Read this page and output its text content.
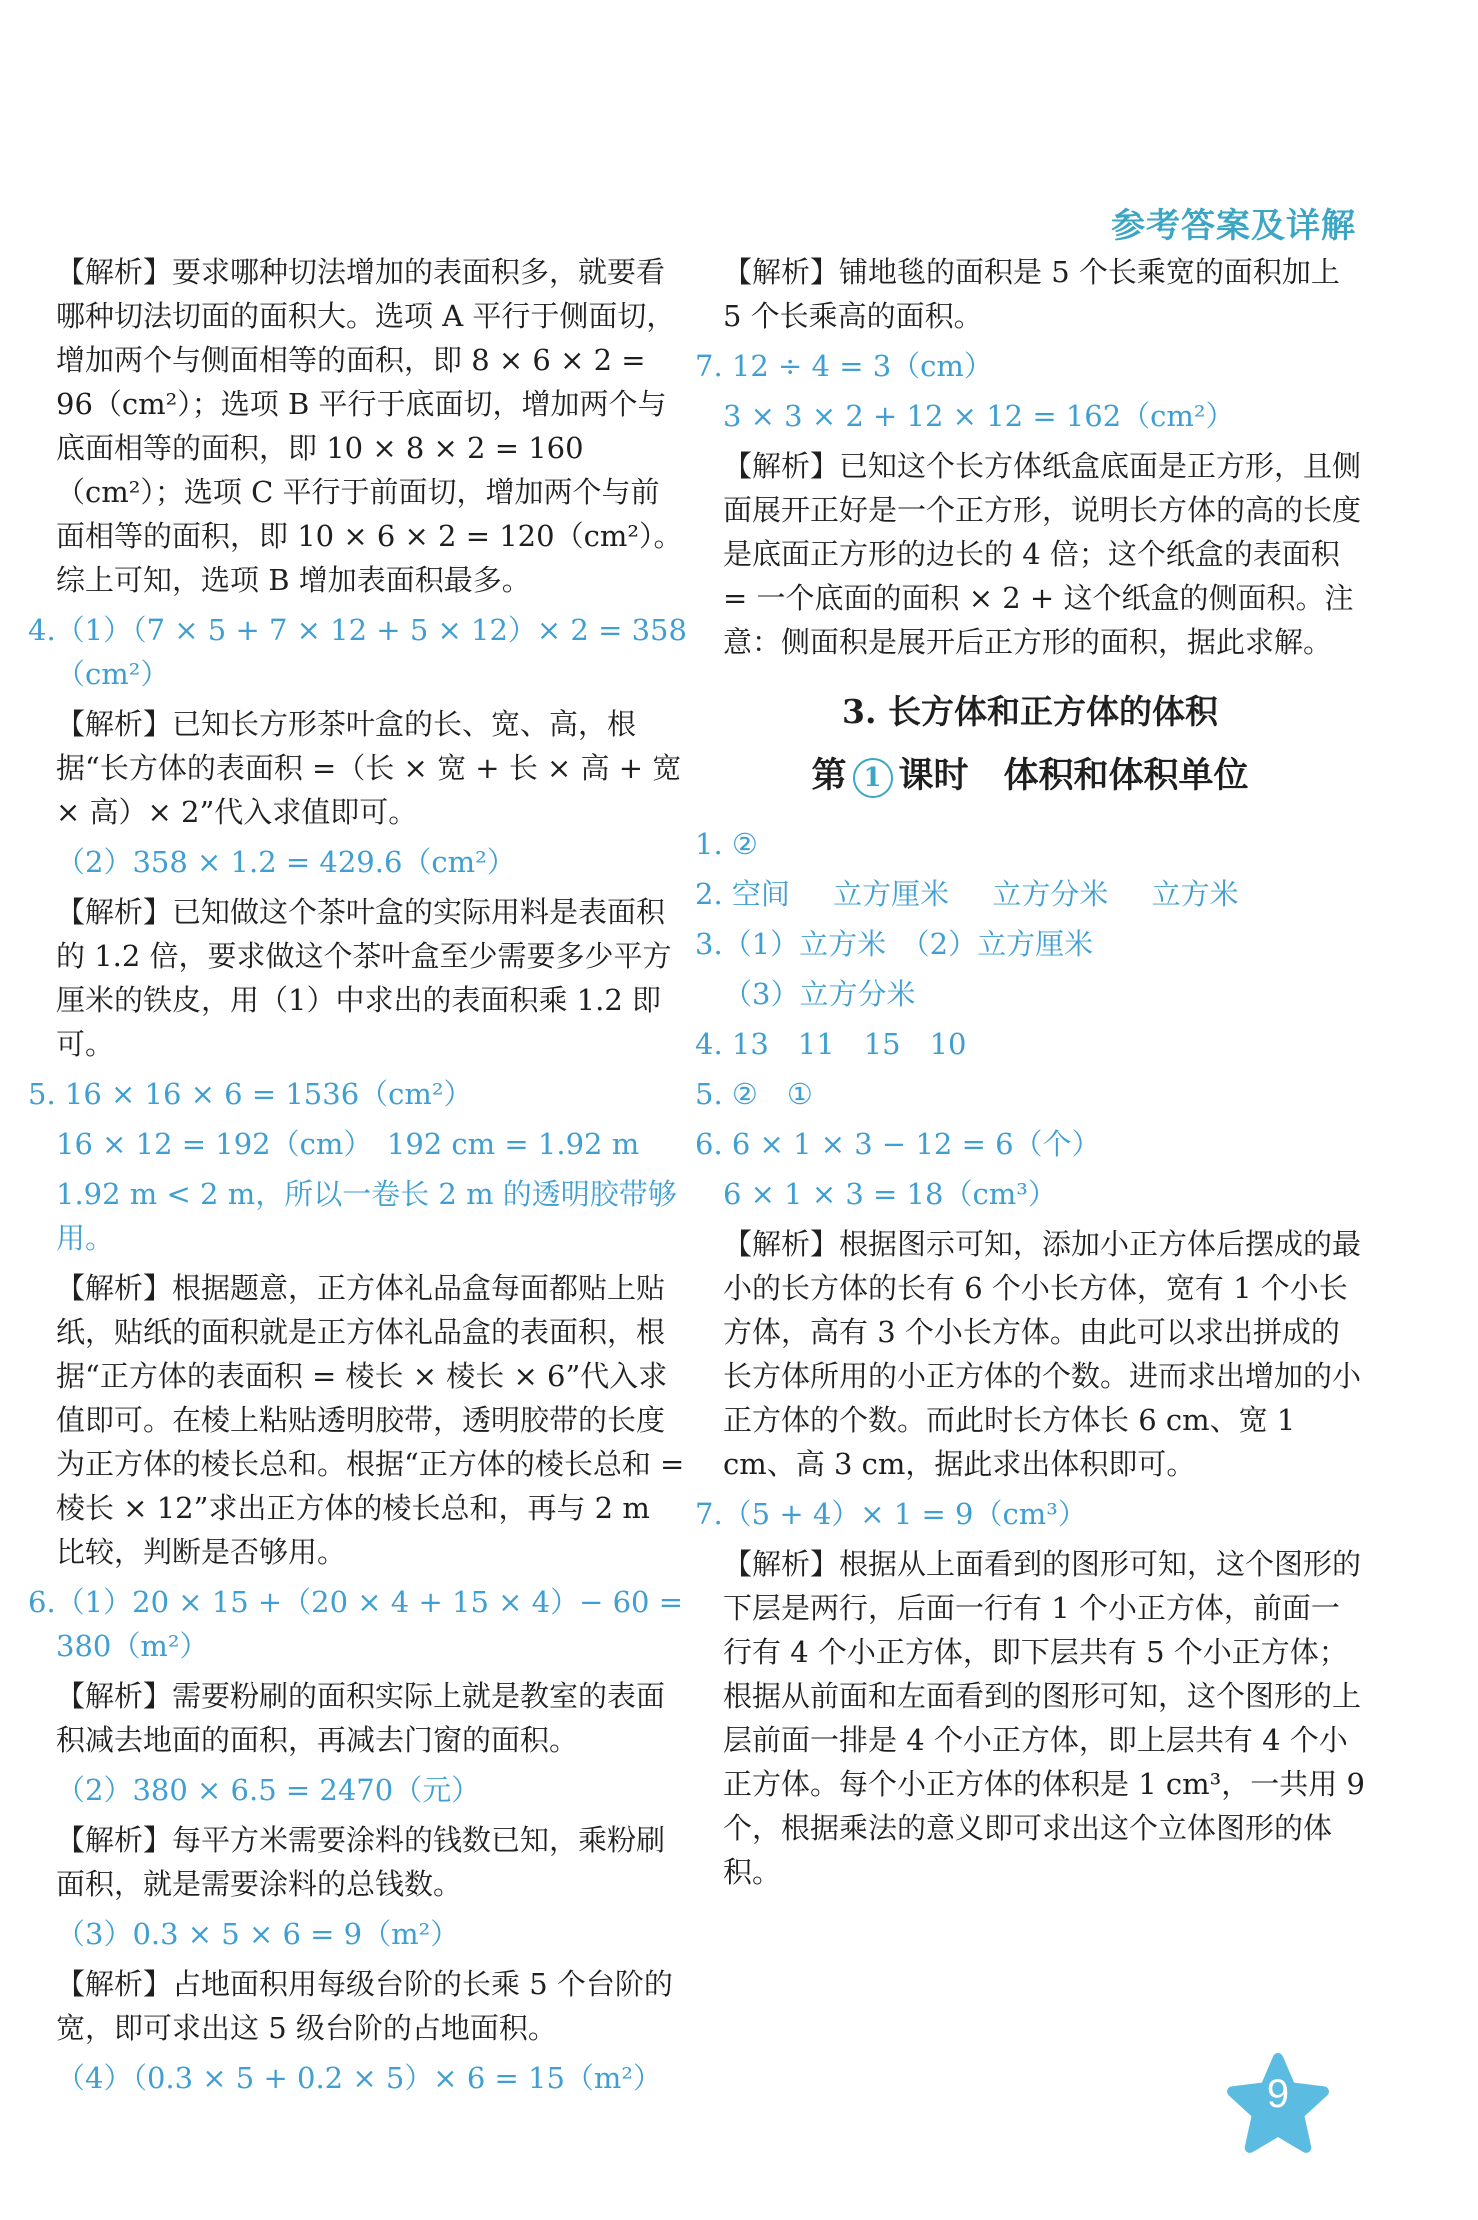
参考答案及详解

【解析】要求哪种切法增加的表面积多，就要看哪种切法切面的面积大。选项 A 平行于侧面切，增加两个与侧面相等的面积，即 8 × 6 × 2 = 96（cm²）；选项 B 平行于底面切，增加两个与底面相等的面积，即 10 × 8 × 2 = 160（cm²）；选项 C 平行于前面切，增加两个与前面相等的面积，即 10 × 6 × 2 = 120（cm²）。综上可知，选项 B 增加表面积最多。

4.（1）（7 × 5 + 7 × 12 + 5 × 12）× 2 = 358（cm²）

【解析】已知长方形茶叶盒的长、宽、高，根据“长方体的表面积 =（长 × 宽 + 长 × 高 + 宽 × 高）× 2”代入求值即可。

（2）358 × 1.2 = 429.6（cm²）

【解析】已知做这个茶叶盒的实际用料是表面积的 1.2 倍，要求做这个茶叶盒至少需要多少平方厘米的铁皮，用（1）中求出的表面积乘 1.2 即可。

5. 16 × 16 × 6 = 1536（cm²）

16 × 12 = 192（cm）　192 cm = 1.92 m

1.92 m < 2 m，所以一卷长 2 m 的透明胶带够用。

【解析】根据题意，正方体礼品盒每面都贴上贴纸，贴纸的面积就是正方体礼品盒的表面积，根据“正方体的表面积 = 棱长 × 棱长 × 6”代入求值即可。在棱上粘贴透明胶带，透明胶带的长度为正方体的棱长总和。根据“正方体的棱长总和 = 棱长 × 12”求出正方体的棱长总和，再与 2 m 比较，判断是否够用。

6.（1）20 × 15 +（20 × 4 + 15 × 4）− 60 = 380（m²）

【解析】需要粉刷的面积实际上就是教室的表面积减去地面的面积，再减去门窗的面积。

（2）380 × 6.5 = 2470（元）

【解析】每平方米需要涂料的钱数已知，乘粉刷面积，就是需要涂料的总钱数。

（3）0.3 × 5 × 6 = 9（m²）

【解析】占地面积用每级台阶的长乘 5 个台阶的宽，即可求出这 5 级台阶的占地面积。

（4）（0.3 × 5 + 0.2 × 5）× 6 = 15（m²）

【解析】铺地毯的面积是 5 个长乘宽的面积加上 5 个长乘高的面积。

7. 12 ÷ 4 = 3（cm）

3 × 3 × 2 + 12 × 12 = 162（cm²）

【解析】已知这个长方体纸盒底面是正方形，且侧面展开正好是一个正方形，说明长方体的高的长度是底面正方形的边长的 4 倍；这个纸盒的表面积 = 一个底面的面积 × 2 + 这个纸盒的侧面积。注意：侧面积是展开后正方形的面积，据此求解。

3. 长方体和正方体的体积
第 1 课时　体积和体积单位

1. ②

2. 空间 立方厘米 立方分米 立方米

3.（1）立方米　（2）立方厘米

（3）立方分米

4. 13　11　15　10

5. ②　①

6. 6 × 1 × 3 − 12 = 6（个）

6 × 1 × 3 = 18（cm³）

【解析】根据图示可知，添加小正方体后摆成的最小的长方体的长有 6 个小长方体，宽有 1 个小长方体，高有 3 个小长方体。由此可以求出拼成的长方体所用的小正方体的个数。进而求出增加的小正方体的个数。而此时长方体长 6 cm、宽 1 cm、高 3 cm，据此求出体积即可。

7.（5 + 4）× 1 = 9（cm³）

【解析】根据从上面看到的图形可知，这个图形的下层是两行，后面一行有 1 个小正方体，前面一行有 4 个小正方体，即下层共有 5 个小正方体；根据从前面和左面看到的图形可知，这个图形的上层前面一排是 4 个小正方体，即上层共有 4 个小正方体。每个小正方体的体积是 1 cm³，一共用 9 个，根据乘法的意义即可求出这个立体图形的体积。

9
